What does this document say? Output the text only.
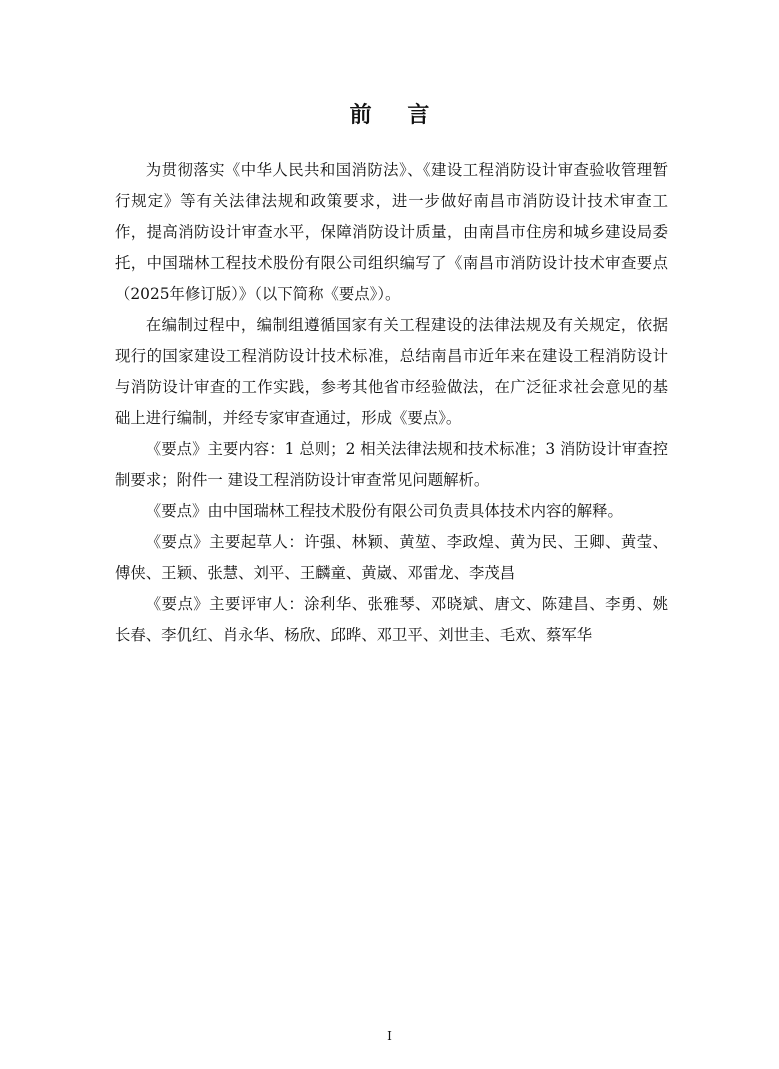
前 言

为贯彻落实《中华人民共和国消防法》、《建设工程消防设计审查验收管理暂行规定》等有关法律法规和政策要求，进一步做好南昌市消防设计技术审查工作，提高消防设计审查水平，保障消防设计质量，由南昌市住房和城乡建设局委托，中国瑞林工程技术股份有限公司组织编写了《南昌市消防设计技术审查要点（2025年修订版）》（以下简称《要点》）。

在编制过程中，编制组遵循国家有关工程建设的法律法规及有关规定，依据现行的国家建设工程消防设计技术标准，总结南昌市近年来在建设工程消防设计与消防设计审查的工作实践，参考其他省市经验做法，在广泛征求社会意见的基础上进行编制，并经专家审查通过，形成《要点》。

《要点》主要内容：1 总则；2 相关法律法规和技术标准；3 消防设计审查控制要求；附件一 建设工程消防设计审查常见问题解析。

《要点》由中国瑞林工程技术股份有限公司负责具体技术内容的解释。

《要点》主要起草人：许强、林颖、黄堃、李政煌、黄为民、王卿、黄莹、傅侠、王颖、张慧、刘平、王麟童、黄崴、邓雷龙、李茂昌

《要点》主要评审人：涂利华、张雅琴、邓晓斌、唐文、陈建昌、李勇、姚长春、李仉红、肖永华、杨欣、邱晔、邓卫平、刘世圭、毛欢、蔡军华

I
